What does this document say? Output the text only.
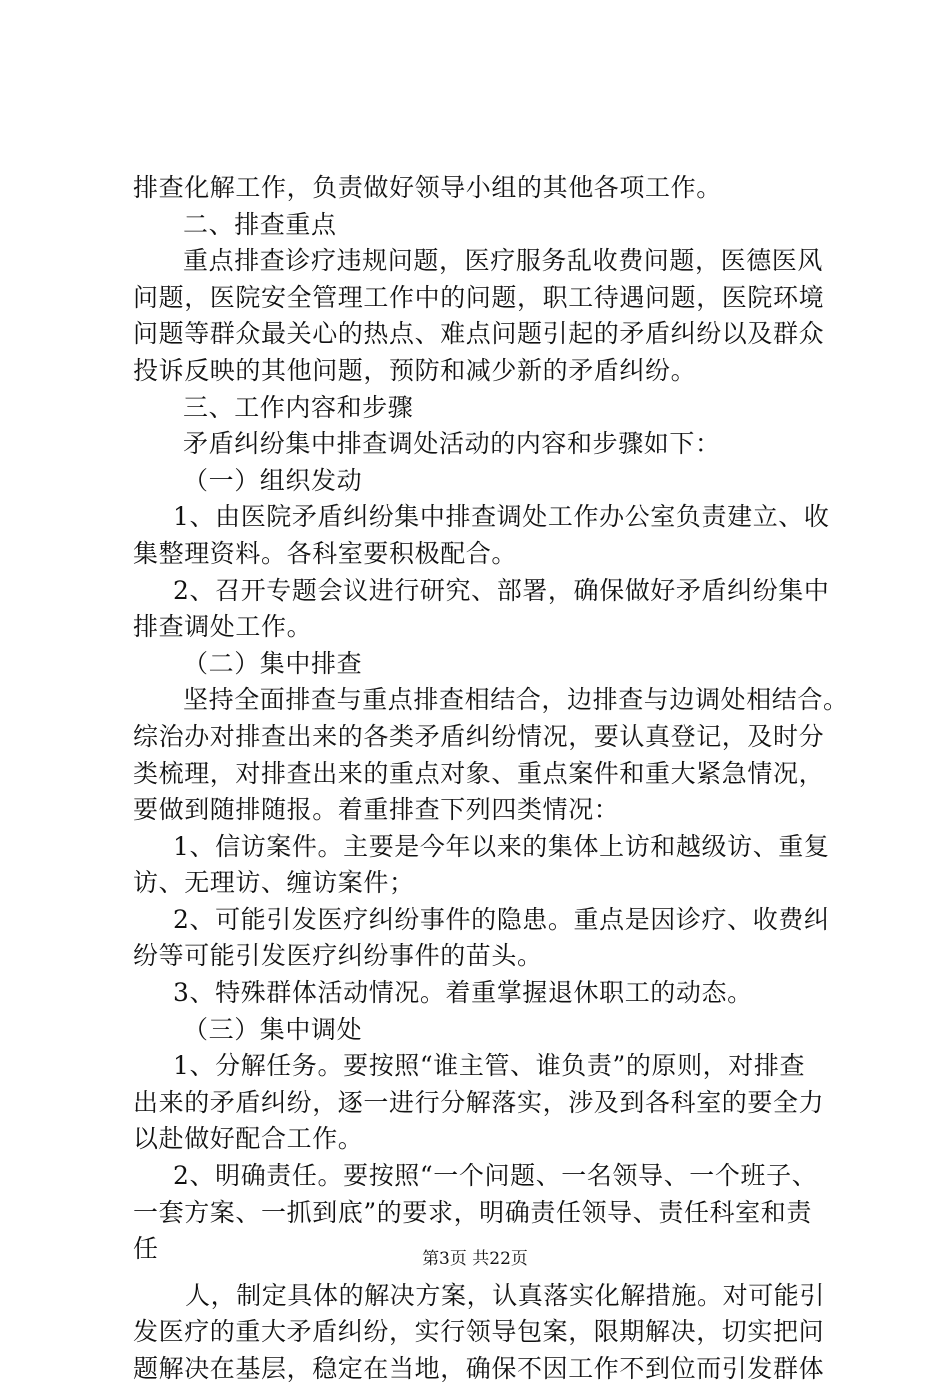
排查化解工作，负责做好领导小组的其他各项工作。
二、排查重点
重点排查诊疗违规问题，医疗服务乱收费问题，医德医风
问题，医院安全管理工作中的问题，职工待遇问题，医院环境
问题等群众最关心的热点、难点问题引起的矛盾纠纷以及群众
投诉反映的其他问题，预防和减少新的矛盾纠纷。
三、工作内容和步骤
矛盾纠纷集中排查调处活动的内容和步骤如下：
（一）组织发动
1、由医院矛盾纠纷集中排查调处工作办公室负责建立、收
集整理资料。各科室要积极配合。
2、召开专题会议进行研究、部署，确保做好矛盾纠纷集中
排查调处工作。
（二）集中排查
坚持全面排查与重点排查相结合，边排查与边调处相结合。
综治办对排查出来的各类矛盾纠纷情况，要认真登记，及时分
类梳理，对排查出来的重点对象、重点案件和重大紧急情况，
要做到随排随报。着重排查下列四类情况：
1、信访案件。主要是今年以来的集体上访和越级访、重复
访、无理访、缠访案件；
2、可能引发医疗纠纷事件的隐患。重点是因诊疗、收费纠
纷等可能引发医疗纠纷事件的苗头。
3、特殊群体活动情况。着重掌握退休职工的动态。
（三）集中调处
1、分解任务。要按照“谁主管、谁负责”的原则，对排查
出来的矛盾纠纷，逐一进行分解落实，涉及到各科室的要全力
以赴做好配合工作。
2、明确责任。要按照“一个问题、一名领导、一个班子、
一套方案、一抓到底”的要求，明确责任领导、责任科室和责
任
人，制定具体的解决方案，认真落实化解措施。对可能引
发医疗的重大矛盾纠纷，实行领导包案，限期解决，切实把问
题解决在基层，稳定在当地，确保不因工作不到位而引发群体
第3页 共22页
